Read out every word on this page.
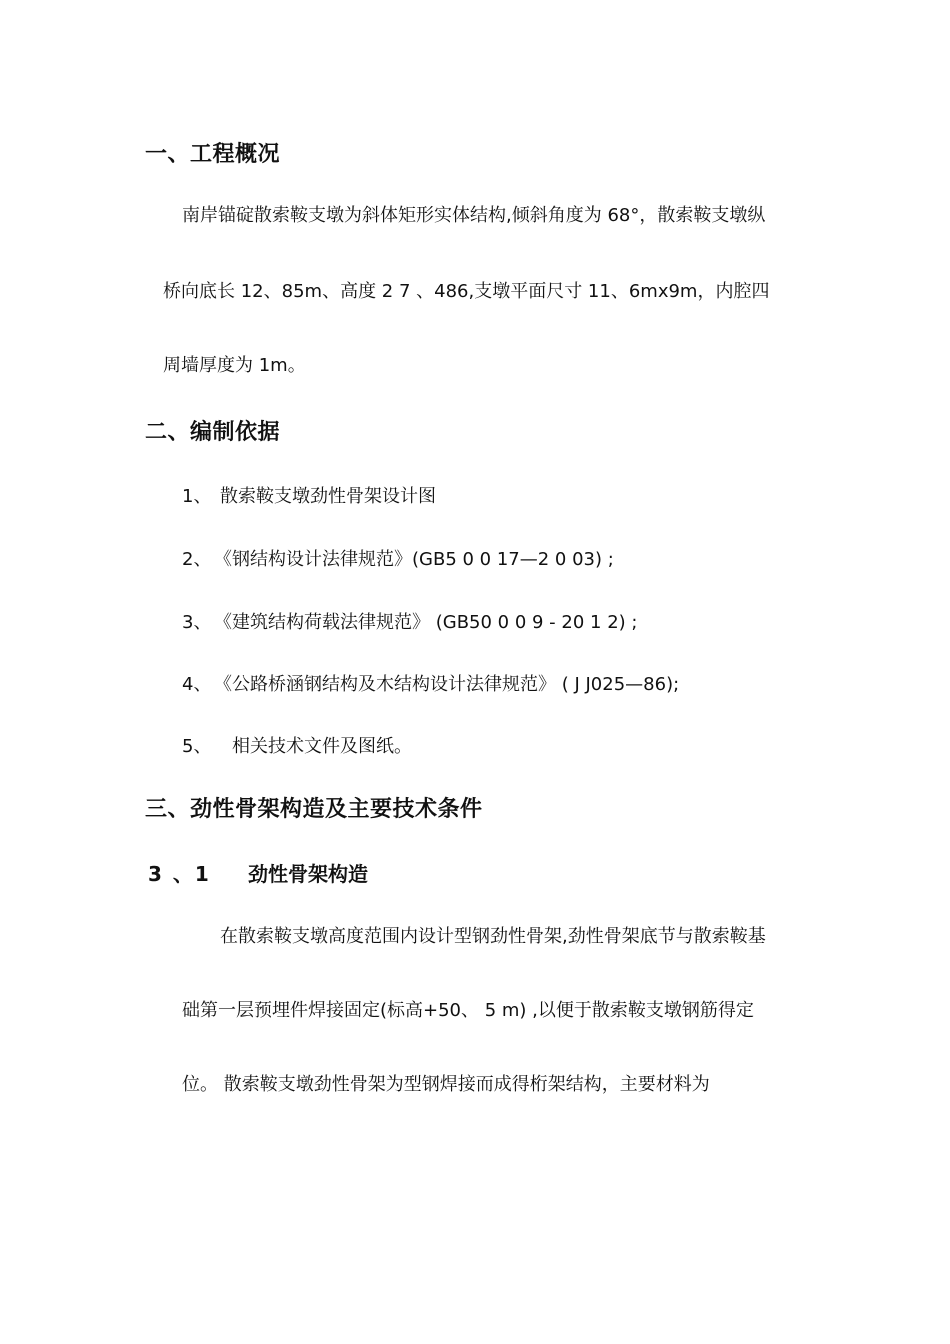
一、工程概况
南岸锚碇散索鞍支墩为斜体矩形实体结构,倾斜角度为 68°，散索鞍支墩纵
桥向底长 12、85m、高度 2 7 、486,支墩平面尺寸 11、6mx9m，内腔四
周墙厚度为 1m。
二、编制依据
1、 散索鞍支墩劲性骨架设计图
2、 《钢结构设计法律规范》(GB5 0 0 17—2 0 03) ;
3、 《建筑结构荷载法律规范》 (GB50 0 0 9 - 20 1 2) ;
4、 《公路桥涵钢结构及木结构设计法律规范》 ( J J025—86);
5、 相关技术文件及图纸。
三、劲性骨架构造及主要技术条件
3 、1 劲性骨架构造
在散索鞍支墩高度范围内设计型钢劲性骨架,劲性骨架底节与散索鞍基
础第一层预埋件焊接固定(标高+50、 5 m) ,以便于散索鞍支墩钢筋得定
位。 散索鞍支墩劲性骨架为型钢焊接而成得桁架结构，主要材料为
